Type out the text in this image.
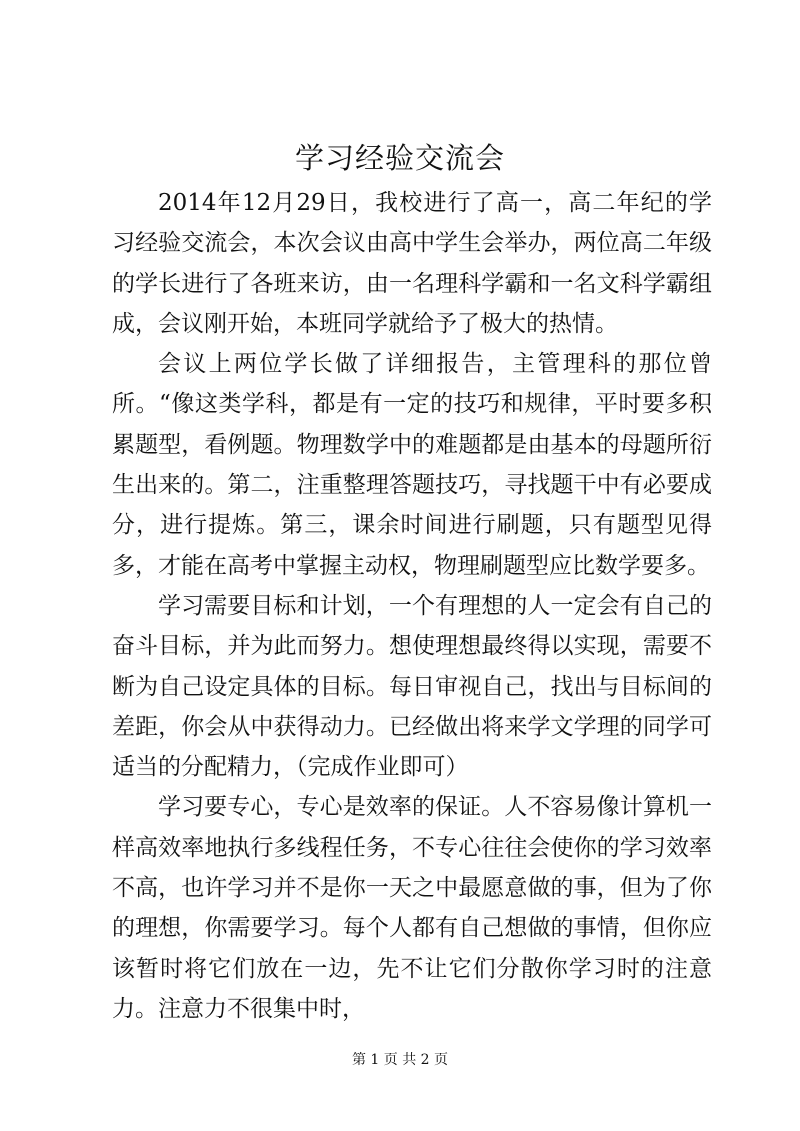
学习经验交流会

2014年12月29日，我校进行了高一，高二年纪的学习经验交流会，本次会议由高中学生会举办，两位高二年级的学长进行了各班来访，由一名理科学霸和一名文科学霸组成，会议刚开始，本班同学就给予了极大的热情。

会议上两位学长做了详细报告，主管理科的那位曾所。“像这类学科，都是有一定的技巧和规律，平时要多积累题型，看例题。物理数学中的难题都是由基本的母题所衍生出来的。第二，注重整理答题技巧，寻找题干中有必要成分，进行提炼。第三，课余时间进行刷题，只有题型见得多，才能在高考中掌握主动权，物理刷题型应比数学要多。

学习需要目标和计划，一个有理想的人一定会有自己的奋斗目标，并为此而努力。想使理想最终得以实现，需要不断为自己设定具体的目标。每日审视自己，找出与目标间的差距，你会从中获得动力。已经做出将来学文学理的同学可适当的分配精力，（完成作业即可）

学习要专心，专心是效率的保证。人不容易像计算机一样高效率地执行多线程任务，不专心往往会使你的学习效率不高，也许学习并不是你一天之中最愿意做的事，但为了你的理想，你需要学习。每个人都有自己想做的事情，但你应该暂时将它们放在一边，先不让它们分散你学习时的注意力。注意力不很集中时，

第 1 页 共 2 页
